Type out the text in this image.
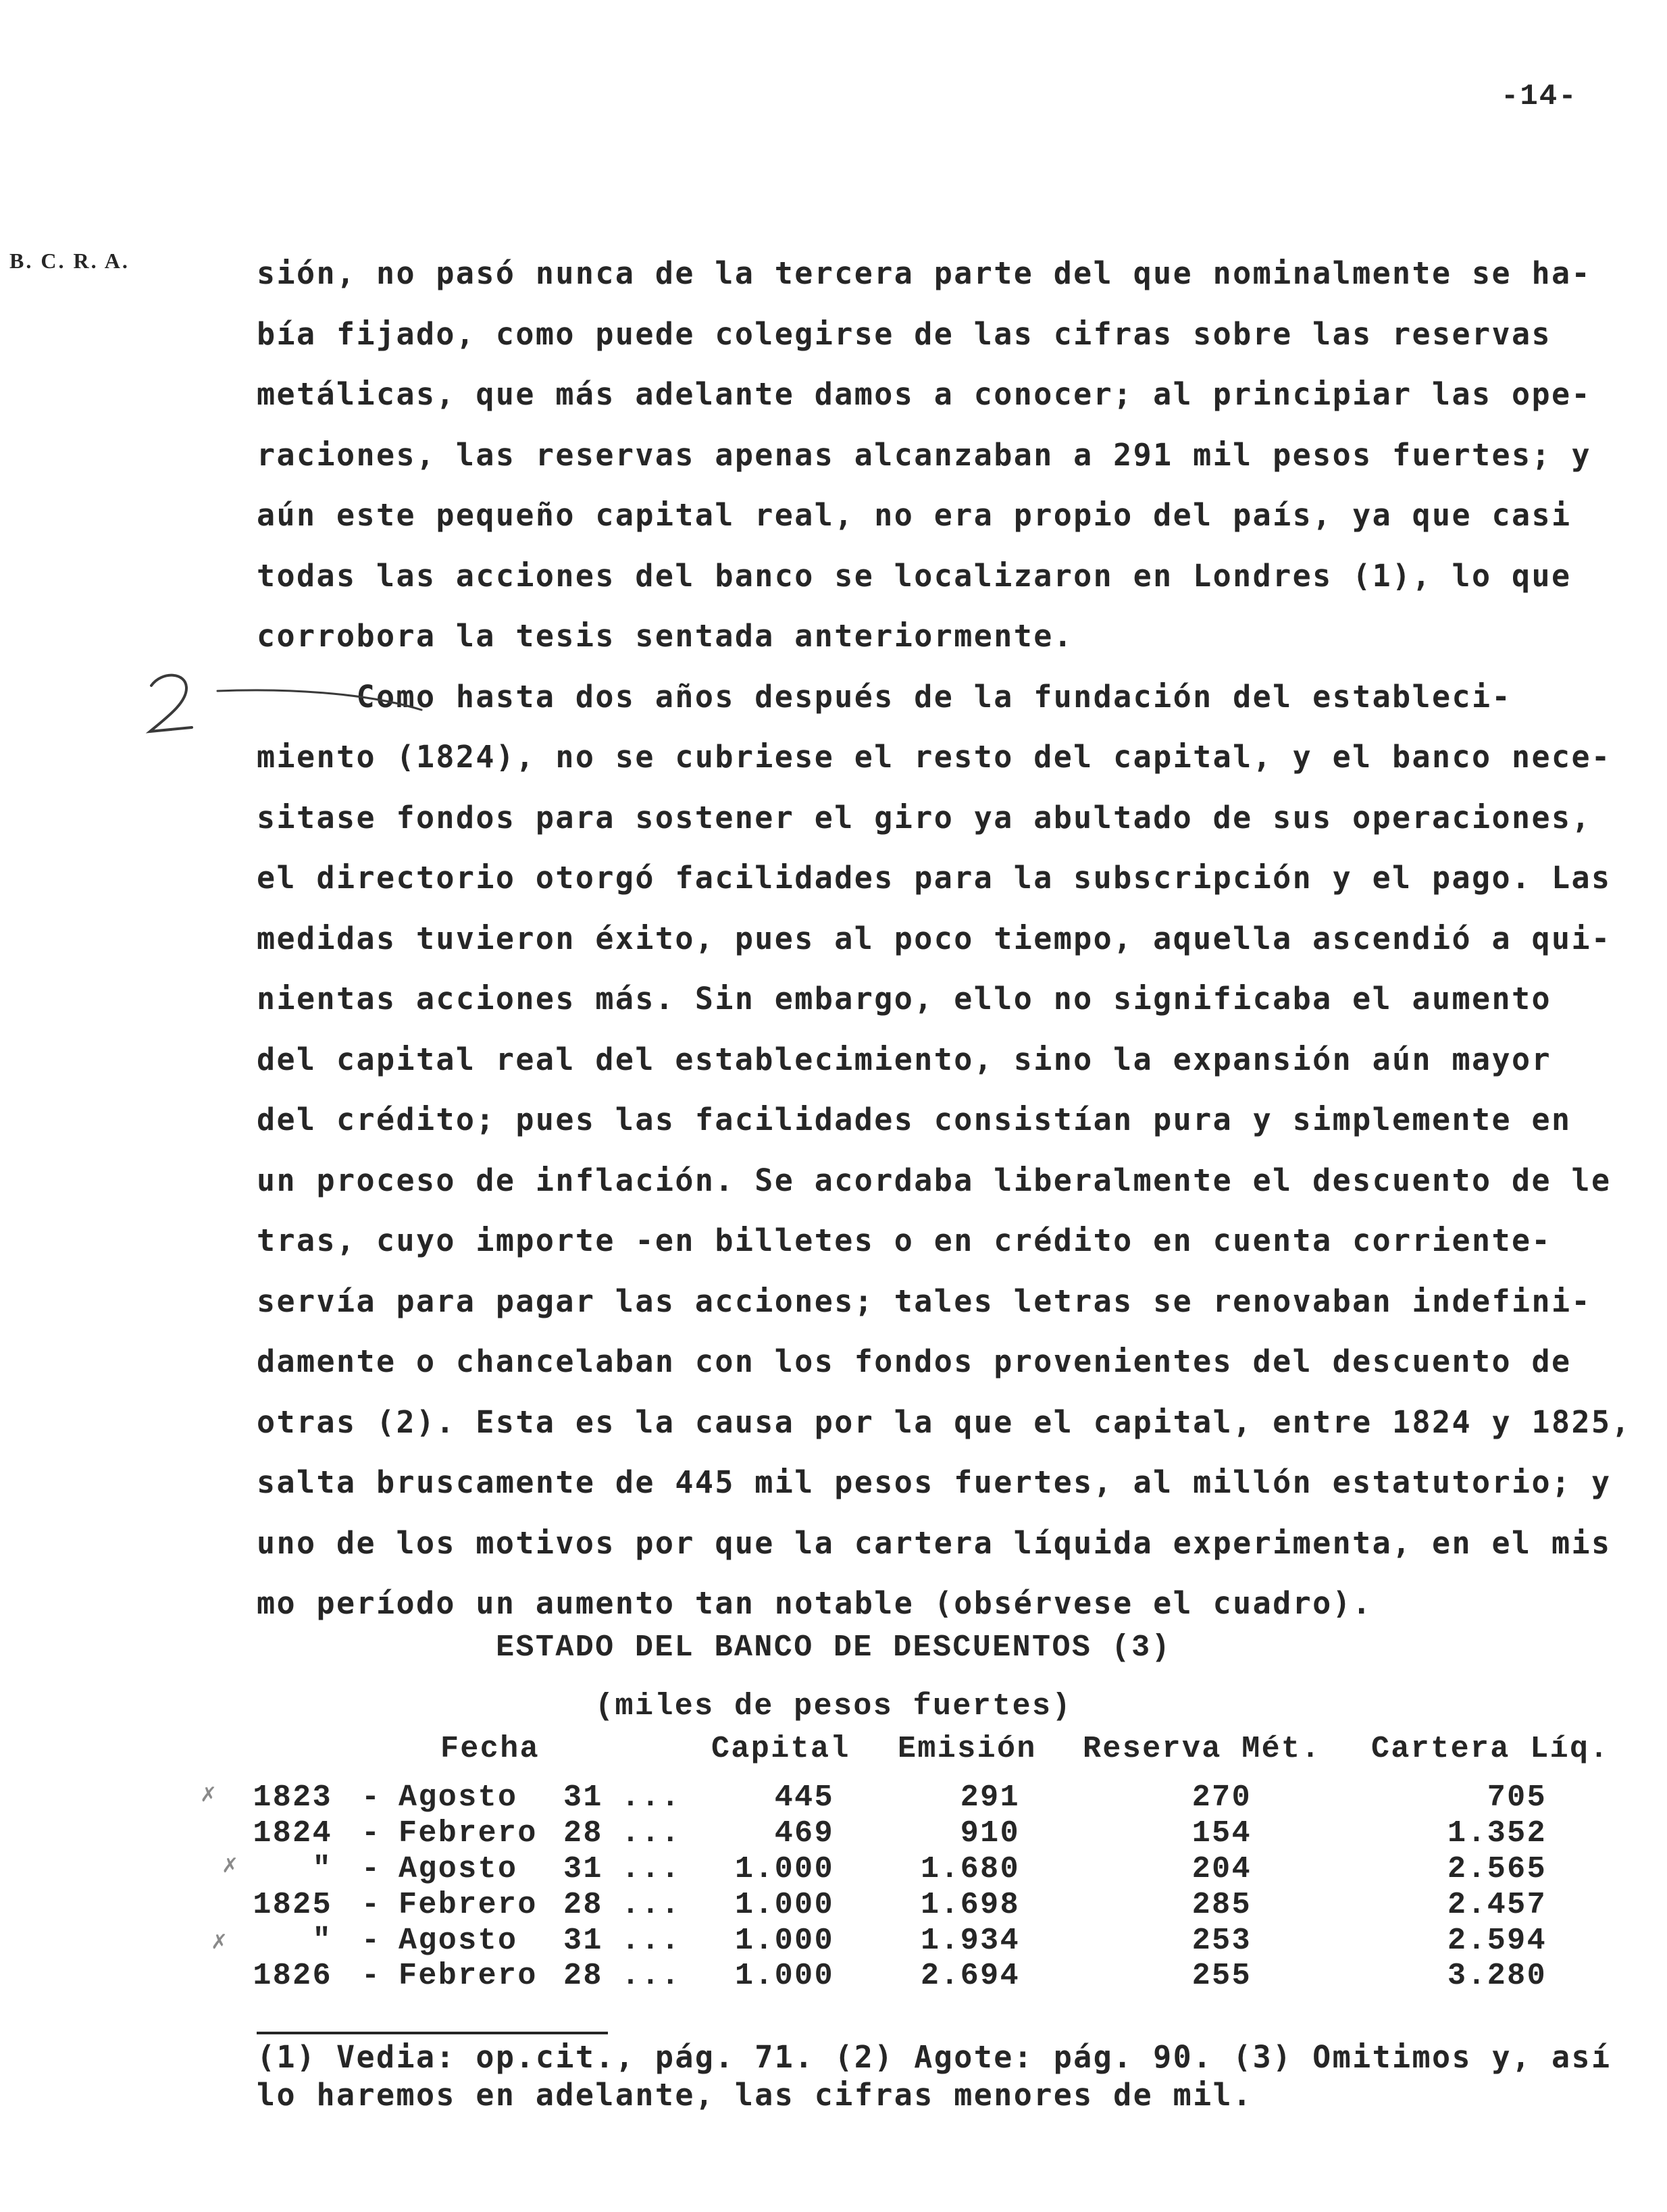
-14-
B. C. R. A.	sión, no pasó nunca de la tercera parte del que nominalmente se ha-
bía fijado, como puede colegirse de las cifras sobre las reservas
metálicas, que más adelante damos a conocer; al principiar las ope-
raciones, las reservas apenas alcanzaban a 291 mil pesos fuertes; y
aún este pequeño capital real, no era propio del país, ya que casi
todas las acciones del banco se localizaron en Londres (1), lo que
corrobora la tesis sentada anteriormente.
Como hasta dos años después de la fundación del estableci-
miento (1824), no se cubriese el resto del capital, y el banco nece-
sitase fondos para sostener el giro ya abultado de sus operaciones,
el directorio otorgó facilidades para la subscripción y el pago. Las
medidas tuvieron éxito, pues al poco tiempo, aquella ascendió a qui-
nientas acciones más. Sin embargo, ello no significaba el aumento
del capital real del establecimiento, sino la expansión aún mayor
del crédito; pues las facilidades consistían pura y simplemente en
un proceso de inflación. Se acordaba liberalmente el descuento de le
tras, cuyo importe -en billetes o en crédito en cuenta corriente-
servía para pagar las acciones; tales letras se renovaban indefini-
damente o chancelaban con los fondos provenientes del descuento de
otras (2). Esta es la causa por la que el capital, entre 1824 y 1825,
salta bruscamente de 445 mil pesos fuertes, al millón estatutorio; y
uno de los motivos por que la cartera líquida experimenta, en el mis
mo período un aumento tan notable (obsérvese el cuadro).
ESTADO DEL BANCO DE DESCUENTOS (3)
(miles de pesos fuertes)
Fecha	Capital Emisión Reserva Mét. Cartera Líq.
1823 - Agosto 31 ...	445	291	270	705
1824 - Febrero 28 ...	469	910	154	1.352
" - Agosto 31 ... 1.000	1.680	204	2.565
1825 - Febrero 28 ... 1.000	1.698	285	2.457
" - Agosto 31 ... 1.000	1.934	253	2.594
1826 - Febrero 28 ... 1.000	2.694	255	3.280
(1) Vedia: op.cit., pág. 71. (2) Agote: pág. 90. (3) Omitimos y, así
lo haremos en adelante, las cifras menores de mil.
✗
✗
✗
